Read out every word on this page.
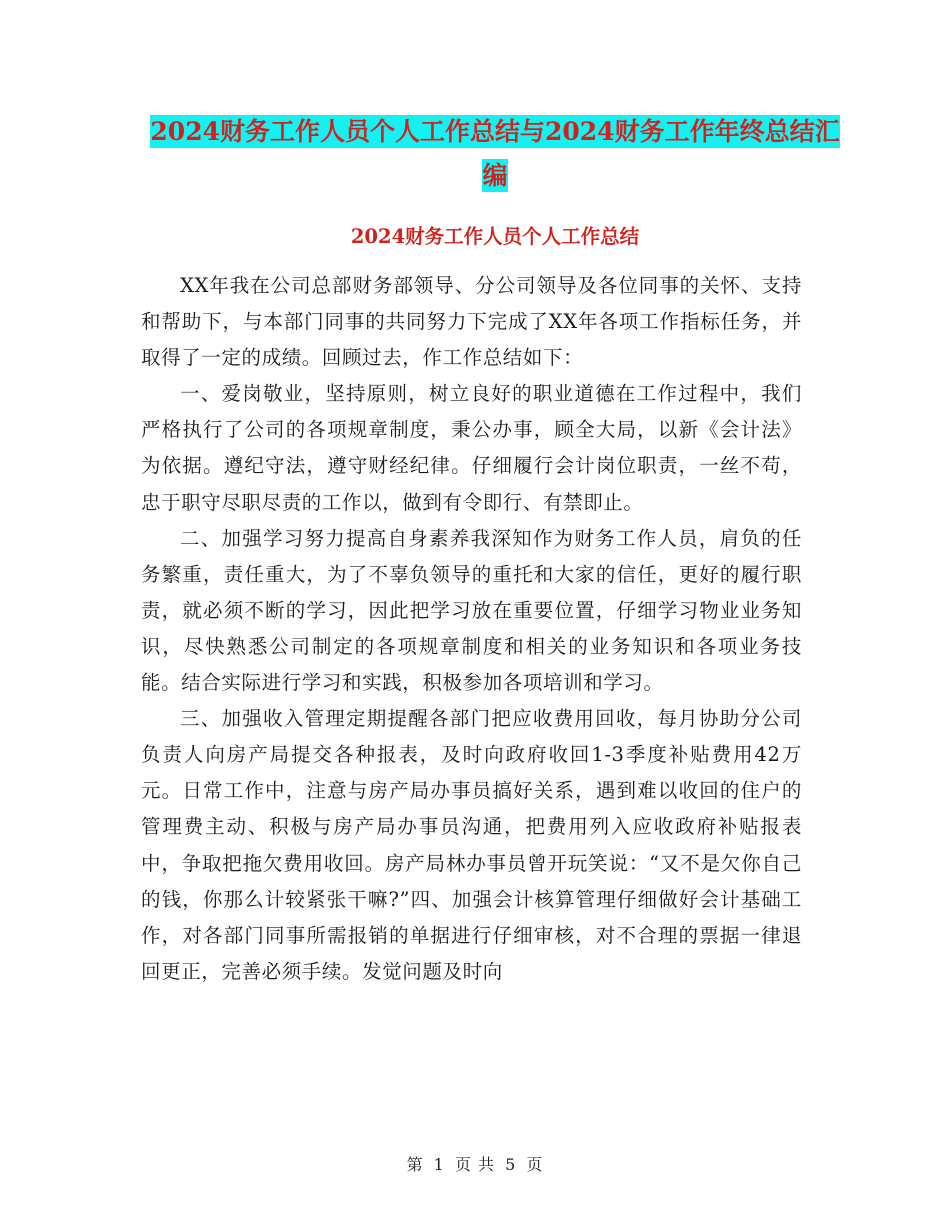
2024财务工作人员个人工作总结与2024财务工作年终总结汇编
2024财务工作人员个人工作总结

XX年我在公司总部财务部领导、分公司领导及各位同事的关怀、支持和帮助下，与本部门同事的共同努力下完成了XX年各项工作指标任务，并取得了一定的成绩。回顾过去，作工作总结如下：

一、爱岗敬业，坚持原则，树立良好的职业道德在工作过程中，我们严格执行了公司的各项规章制度，秉公办事，顾全大局，以新《会计法》为依据。遵纪守法，遵守财经纪律。仔细履行会计岗位职责，一丝不苟，忠于职守尽职尽责的工作以，做到有令即行、有禁即止。

二、加强学习努力提高自身素养我深知作为财务工作人员，肩负的任务繁重，责任重大，为了不辜负领导的重托和大家的信任，更好的履行职责，就必须不断的学习，因此把学习放在重要位置，仔细学习物业业务知识，尽快熟悉公司制定的各项规章制度和相关的业务知识和各项业务技能。结合实际进行学习和实践，积极参加各项培训和学习。

三、加强收入管理定期提醒各部门把应收费用回收，每月协助分公司负责人向房产局提交各种报表，及时向政府收回1-3季度补贴费用42万元。日常工作中，注意与房产局办事员搞好关系，遇到难以收回的住户的管理费主动、积极与房产局办事员沟通，把费用列入应收政府补贴报表中，争取把拖欠费用收回。房产局林办事员曾开玩笑说：“又不是欠你自己的钱，你那么计较紧张干嘛?”四、加强会计核算管理仔细做好会计基础工作，对各部门同事所需报销的单据进行仔细审核，对不合理的票据一律退回更正，完善必须手续。发觉问题及时向

第 1 页 共 5 页
